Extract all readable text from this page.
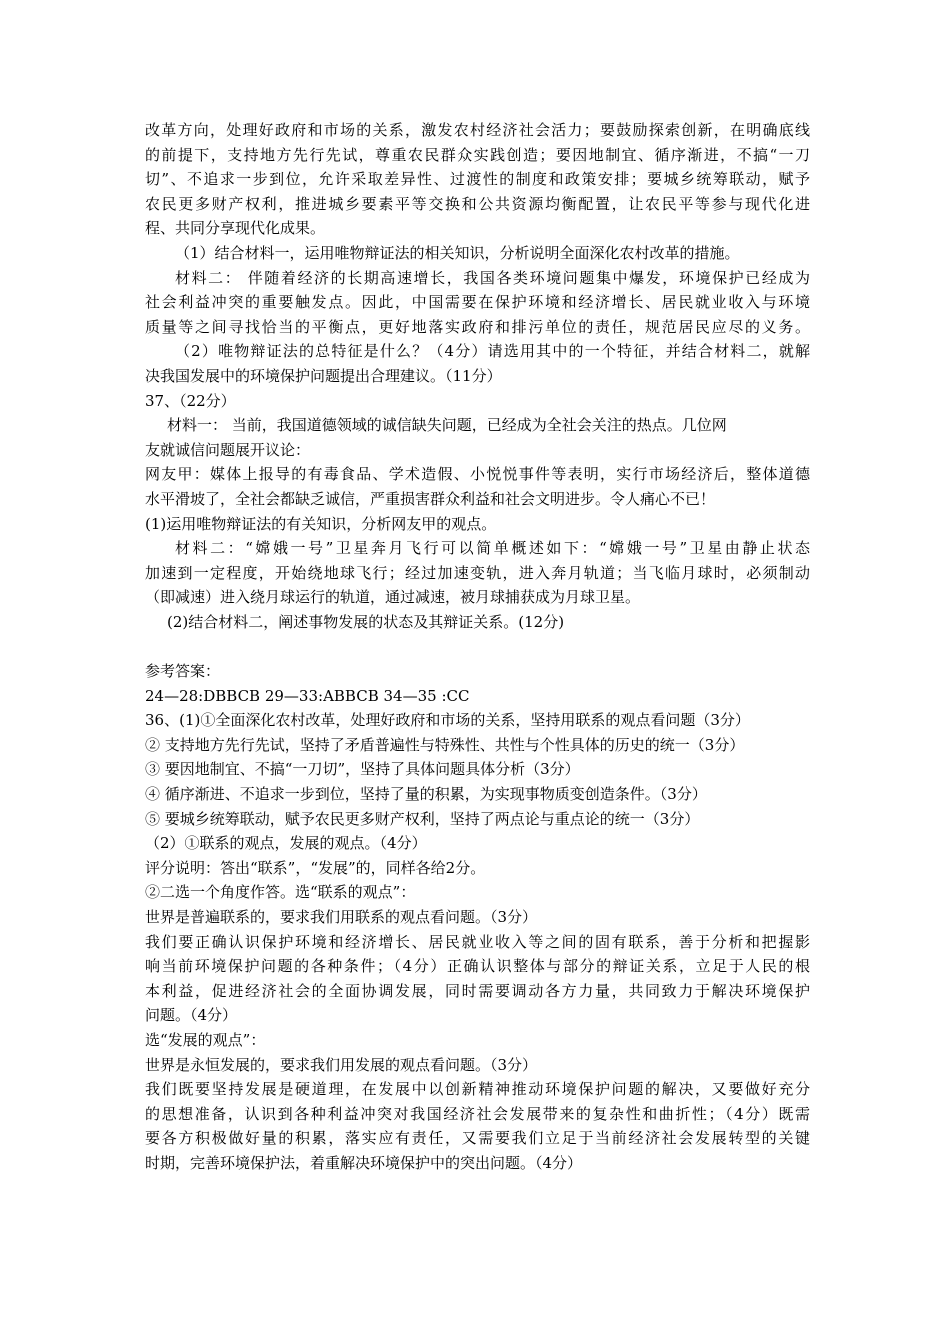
改革方向，处理好政府和市场的关系，激发农村经济社会活力；要鼓励探索创新，在明确底线
的前提下，支持地方先行先试，尊重农民群众实践创造；要因地制宜、循序渐进，不搞“一刀
切”、不追求一步到位，允许采取差异性、过渡性的制度和政策安排；要城乡统筹联动，赋予
农民更多财产权利，推进城乡要素平等交换和公共资源均衡配置，让农民平等参与现代化进
程、共同分享现代化成果。
（1）结合材料一，运用唯物辩证法的相关知识，分析说明全面深化农村改革的措施。
材料二： 伴随着经济的长期高速增长，我国各类环境问题集中爆发，环境保护已经成为
社会利益冲突的重要触发点。因此，中国需要在保护环境和经济增长、居民就业收入与环境
质量等之间寻找恰当的平衡点，更好地落实政府和排污单位的责任，规范居民应尽的义务。
（2）唯物辩证法的总特征是什么？（4分）请选用其中的一个特征，并结合材料二，就解
决我国发展中的环境保护问题提出合理建议。（11分）
37、（22分）
材料一： 当前，我国道德领域的诚信缺失问题，已经成为全社会关注的热点。几位网
友就诚信问题展开议论：
网友甲：媒体上报导的有毒食品、学术造假、小悦悦事件等表明，实行市场经济后，整体道德
水平滑坡了，全社会都缺乏诚信，严重损害群众利益和社会文明进步。令人痛心不已！
(1)运用唯物辩证法的有关知识，分析网友甲的观点。
材料二：“嫦娥一号”卫星奔月飞行可以简单概述如下：“嫦娥一号”卫星由静止状态
加速到一定程度，开始绕地球飞行；经过加速变轨，进入奔月轨道；当飞临月球时，必须制动
（即减速）进入绕月球运行的轨道，通过减速，被月球捕获成为月球卫星。
(2)结合材料二，阐述事物发展的状态及其辩证关系。(12分)
参考答案：
24—28:DBBCB 29—33:ABBCB 34—35 :CC
36、(1)①全面深化农村改革，处理好政府和市场的关系，坚持用联系的观点看问题（3分）
② 支持地方先行先试，坚持了矛盾普遍性与特殊性、共性与个性具体的历史的统一（3分）
③ 要因地制宜、不搞“一刀切”，坚持了具体问题具体分析（3分）
④ 循序渐进、不追求一步到位，坚持了量的积累，为实现事物质变创造条件。（3分）
⑤ 要城乡统筹联动，赋予农民更多财产权利，坚持了两点论与重点论的统一（3分）
（2）①联系的观点，发展的观点。（4分）
评分说明：答出“联系”，“发展”的，同样各给2分。
②二选一个角度作答。选“联系的观点”：
世界是普遍联系的，要求我们用联系的观点看问题。（3分）
我们要正确认识保护环境和经济增长、居民就业收入等之间的固有联系，善于分析和把握影
响当前环境保护问题的各种条件；（4分）正确认识整体与部分的辩证关系，立足于人民的根
本利益，促进经济社会的全面协调发展，同时需要调动各方力量，共同致力于解决环境保护
问题。（4分）
选“发展的观点”：
世界是永恒发展的，要求我们用发展的观点看问题。（3分）
我们既要坚持发展是硬道理，在发展中以创新精神推动环境保护问题的解决，又要做好充分
的思想准备，认识到各种利益冲突对我国经济社会发展带来的复杂性和曲折性；（4分）既需
要各方积极做好量的积累，落实应有责任，又需要我们立足于当前经济社会发展转型的关键
时期，完善环境保护法，着重解决环境保护中的突出问题。（4分）
